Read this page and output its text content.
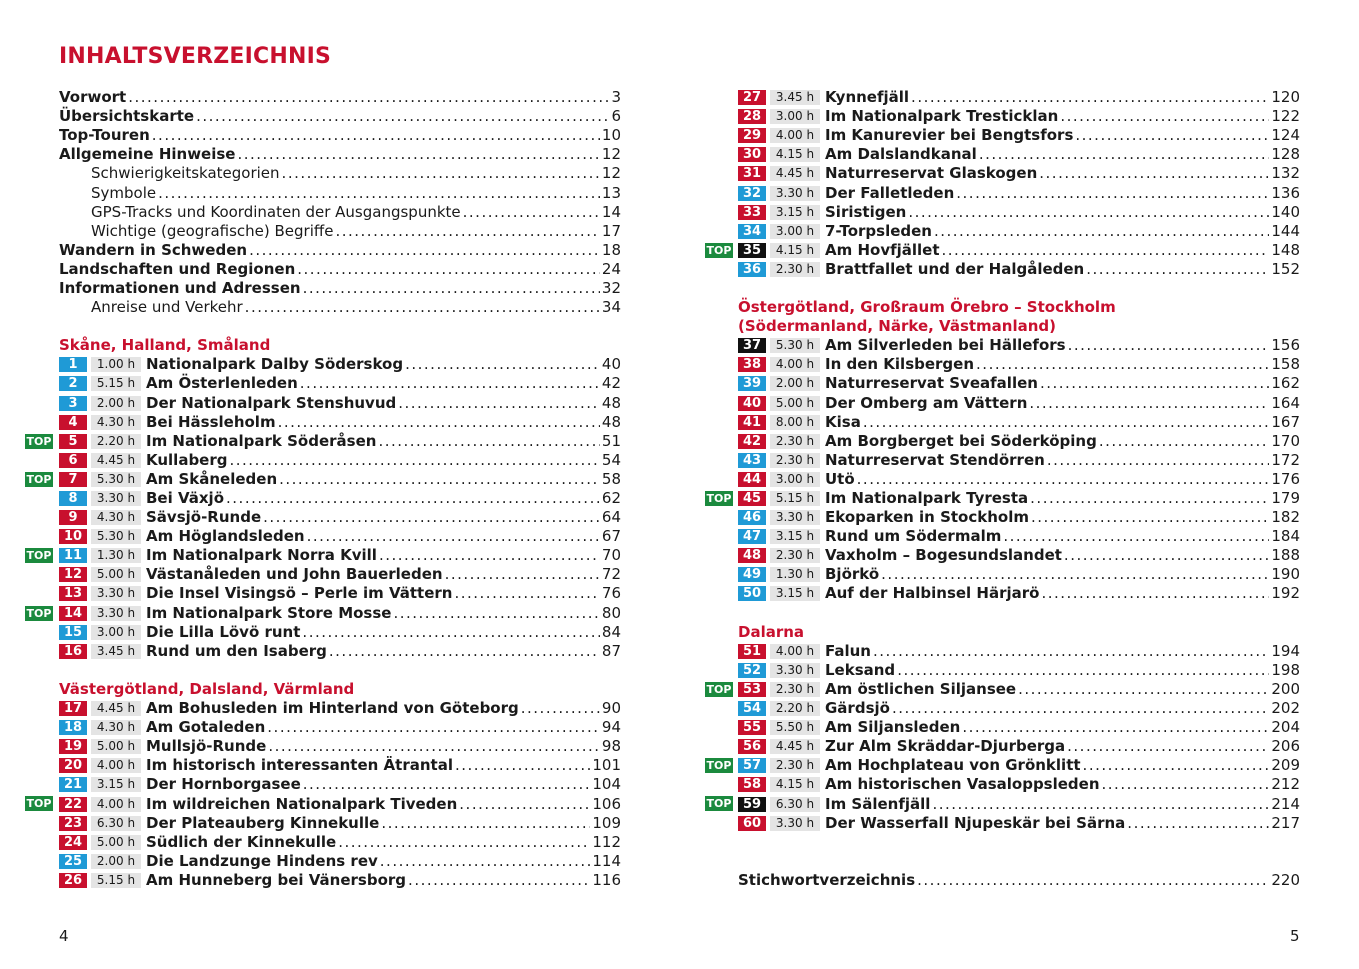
INHALTSVERZEICHNIS
Vorwort .....	3
Übersichtskarte .....	6
Top-Touren .....	10
Allgemeine Hinweise .....	12
Schwierigkeitskategorien .....	12
Symbole .....	13
GPS-Tracks und Koordinaten der Ausgangspunkte .....	14
Wichtige (geografische) Begriffe .....	17
Wandern in Schweden .....	18
Landschaften und Regionen .....	24
Informationen und Adressen .....	32
Anreise und Verkehr .....	34
Skåne, Halland, Småland
1	1.00 h Nationalpark Dalby Söderskog .....	40
2	5.15 h Am Österlenleden .....	42
3	2.00 h Der Nationalpark Stenshuvud .....	48
4	4.30 h Bei Hässleholm .....	48
TOP	5	2.20 h Im Nationalpark Söderåsen .....	51
6	4.45 h Kullaberg .....	54
TOP	7	5.30 h Am Skåneleden .....	58
8	3.30 h Bei Växjö .....	62
9	4.30 h Sävsjö-Runde .....	64
10	5.30 h Am Höglandsleden .....	67
TOP 11	1.30 h Im Nationalpark Norra Kvill .....	70
12	5.00 h Västanåleden und John Bauerleden .....	72
13	3.30 h Die Insel Visingsö – Perle im Vättern .....	76
TOP 14	3.30 h Im Nationalpark Store Mosse .....	80
15	3.00 h Die Lilla Lövö runt .....	84
16	3.45 h Rund um den Isaberg .....	87
Västergötland, Dalsland, Värmland
17	4.45 h Am Bohusleden im Hinterland von Göteborg .....	90
18	4.30 h Am Gotaleden .....	94
19	5.00 h Mullsjö-Runde .....	98
20	4.00 h Im historisch interessanten Ätrantal .....	101
21	3.15 h Der Hornborgasee .....	104
TOP 22	4.00 h Im wildreichen Nationalpark Tiveden .....	106
23	6.30 h Der Plateauberg Kinnekulle .....	109
24	5.00 h Südlich der Kinnekulle .....	112
25	2.00 h Die Landzunge Hindens rev .....	114
26	5.15 h Am Hunneberg bei Vänersborg .....	116
27	3.45 h Kynnefjäll .....	120
28	3.00 h Im Nationalpark Tresticklan .....	122
29	4.00 h Im Kanurevier bei Bengtsfors .....	124
30	4.15 h Am Dalslandkanal .....	128
31	4.45 h Naturreservat Glaskogen .....	132
32	3.30 h Der Falletleden .....	136
33	3.15 h Siristigen .....	140
34	3.00 h 7-Torpsleden .....	144
TOP 35	4.15 h Am Hovfjället .....	148
36	2.30 h Brattfallet und der Halgåleden .....	152
Östergötland, Großraum Örebro – Stockholm
(Södermanland, Närke, Västmanland)
37	5.30 h Am Silverleden bei Hällefors .....	156
38	4.00 h In den Kilsbergen .....	158
39	2.00 h Naturreservat Sveafallen .....	162
40	5.00 h Der Omberg am Vättern .....	164
41	8.00 h Kisa .....	167
42	2.30 h Am Borgberget bei Söderköping .....	170
43	2.30 h Naturreservat Stendörren .....	172
44	3.00 h Utö .....	176
TOP 45	5.15 h Im Nationalpark Tyresta .....	179
46	3.30 h Ekoparken in Stockholm .....	182
47	3.15 h Rund um Södermalm .....	184
48	2.30 h Vaxholm – Bogesundslandet .....	188
49	1.30 h Björkö .....	190
50	3.15 h Auf der Halbinsel Härjarö .....	192
Dalarna
51	4.00 h Falun .....	194
52	3.30 h Leksand .....	198
TOP 53	2.30 h Am östlichen Siljansee .....	200
54	2.20 h Gärdsjö .....	202
55	5.50 h Am Siljansleden .....	204
56	4.45 h Zur Alm Skräddar-Djurberga .....	206
TOP 57	2.30 h Am Hochplateau von Grönklitt .....	209
58	4.15 h Am historischen Vasaloppsleden .....	212
TOP 59	6.30 h Im Sälenfjäll .....	214
60	3.30 h Der Wasserfall Njupeskär bei Särna .....	217
Stichwortverzeichnis .....	220
4	5
